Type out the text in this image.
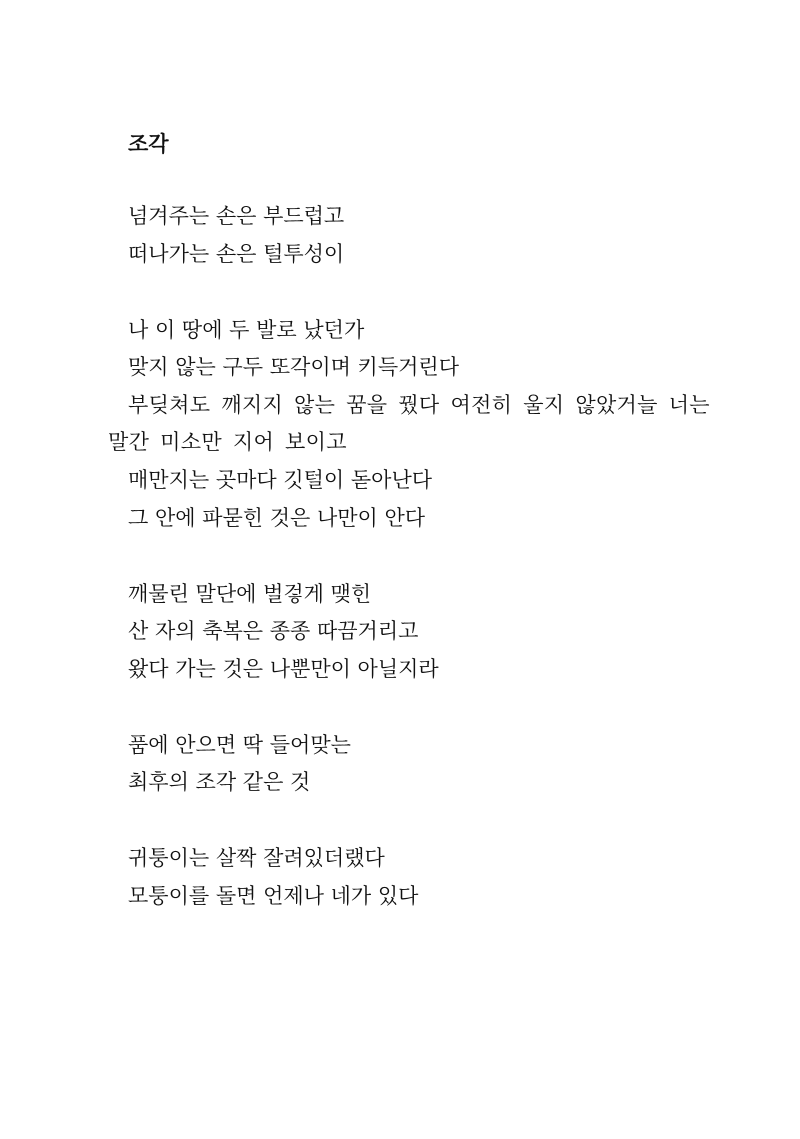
조각

넘겨주는 손은 부드럽고
떠나가는 손은 털투성이

나 이 땅에 두 발로 났던가
맞지 않는 구두 또각이며 키득거린다
부딪쳐도 깨지지 않는 꿈을 꿨다 여전히 울지 않았거늘 너는 말간 미소만 지어 보이고
매만지는 곳마다 깃털이 돋아난다
그 안에 파묻힌 것은 나만이 안다

깨물린 말단에 벌겋게 맺힌
산 자의 축복은 종종 따끔거리고
왔다 가는 것은 나뿐만이 아닐지라

품에 안으면 딱 들어맞는
최후의 조각 같은 것

귀퉁이는 살짝 잘려있더랬다
모퉁이를 돌면 언제나 네가 있다
